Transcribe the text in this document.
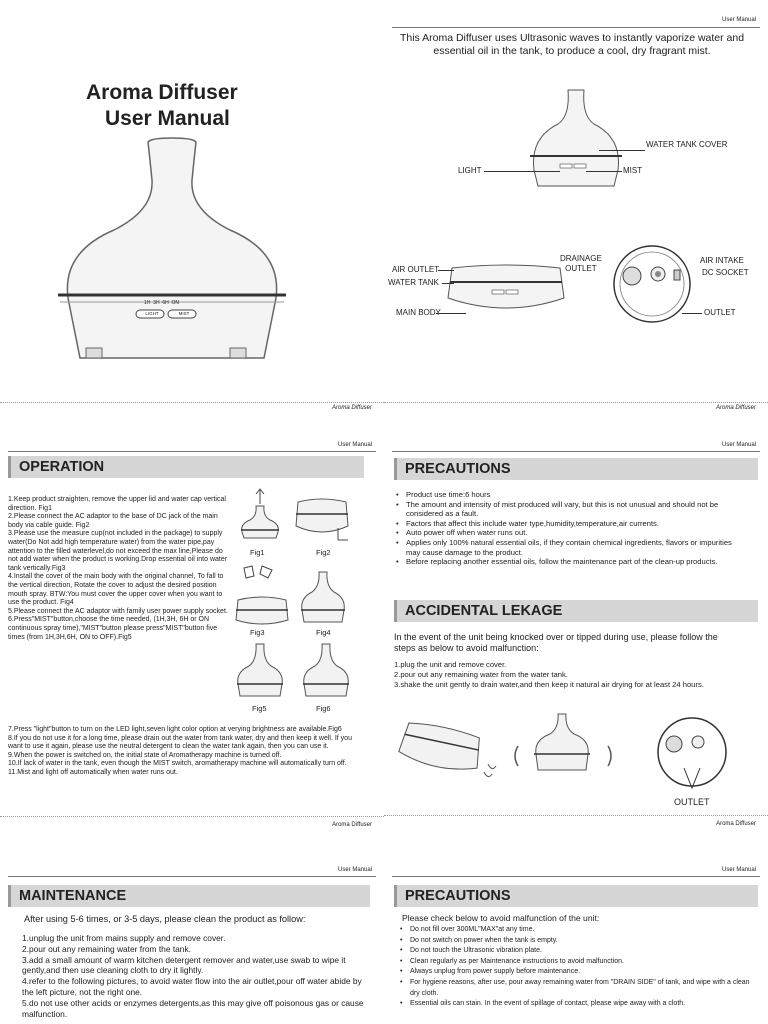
Aroma Diffuser
User Manual
1H  3H  6H  ON
LIGHT	MIST
Aroma Diffuser
User Manual
This Aroma Diffuser uses Ultrasonic waves to instantly vaporize water and essential oil in the tank, to produce a cool, dry fragrant mist.
WATER TANK COVER
LIGHT	MIST
DRAINAGE
OUTLET
AIR OUTLET
WATER TANK
MAIN BODY
AIR INTAKE
DC SOCKET
OUTLET
Aroma Diffuser
User Manual
OPERATION
1.Keep product straighten, remove the upper lid and water cap vertical direction. Fig1
2.Please connect the AC adaptor to the base of DC jack of the main body via cable guide. Fig2
3.Please use the measure cup(not included in the package) to supply water(Do Not add high temperature water) from the water pipe,pay attention to the filled waterlevel,do not exceed the max line,Please do not add water when the product is working.Drop essential oil into water tank vertically.Fig3
4.Install the cover of the main body with the original channel, To fall to the vertical direction, Rotate the cover to adjust the desired position mouth spray. BTW:You must cover the upper cover when you want to use the product. Fig4
5.Please connect the AC adaptor with family user power supply socket.
6.Press"MIST"button,choose the time needed, (1H,3H, 6H or ON continuous spray time),"MIST"button please press"MIST"button five times (from 1H,3H,6H, ON to OFF).Fig5
7.Press "light"button to turn on the LED light,seven light color option at verying brightness are available.Fig6
8.If you do not use it for a long time, please drain out the water from tank water, dry and then keep it well. If you want to use it again, please use the neutral detergent to clean the water tank again, then you can use it.
9.When the power is switched on, the initial state of Aromatherapy machine is turned off.
10.If lack of water in the tank, even though the MIST switch, aromatherapy machine will automatically turn off.
11.Mist and light off automatically when water runs out.
Fig1	Fig2
Fig3	Fig4
Fig5	Fig6
Aroma Diffuser
User Manual
PRECAUTIONS
• Product use time:6 hours
• The amount and intensity of mist produced will vary, but this is not unusual and should not be considered as a fault.
• Factors that affect this include water type,humidity,temperature,air currents.
• Auto power off when water runs out.
• Applies only 100% natural essential oils, if they contain chemical ingredients, flavors or impurities may cause damage to the product.
• Before replacing another essential oils, follow the maintenance part of the clean-up products.
ACCIDENTAL LEKAGE
In the event of the unit being knocked over or tipped during use, please follow the steps as below to avoid malfunction:
1.plug the unit and remove cover.
2.pour out any remaining water from the water tank.
3.shake the unit gently to drain water,and then keep it natural air drying for at least 24 hours.
OUTLET
Aroma Diffuser
User Manual
MAINTENANCE
After using 5-6 times, or 3-5 days, please clean the product as follow:
1.unplug the unit from mains supply and remove cover.
2.pour out any remaining water from the tank.
3.add a small amount of warm kitchen detergent remover and water,use swab to wipe it gently,and then use cleaning cloth to dry it lightly.
4.refer to the following pictures, to avoid water flow into the air outlet,pour off water abide by the left picture, not the right one.
5.do not use other acids or enzymes detergents,as this may give off poisonous gas or cause malfunction.
User Manual
PRECAUTIONS
Please check below to avoid malfunction of the unit:
• Do not fill over 300ML"MAX"at any time.
• Do not switch on power when the tank is empty.
• Do not touch the Ultrasonic vibration plate.
• Clean regularly as per Maintenance instructions to avoid malfunction.
• Always unplug from power supply before maintenance.
• For hygiene reasons, after use, pour away remaining water from "DRAIN SIDE" of tank, and wipe with a clean dry cloth.
• Essential oils can stain. In the event of spillage of contact, please wipe away with a cloth.
